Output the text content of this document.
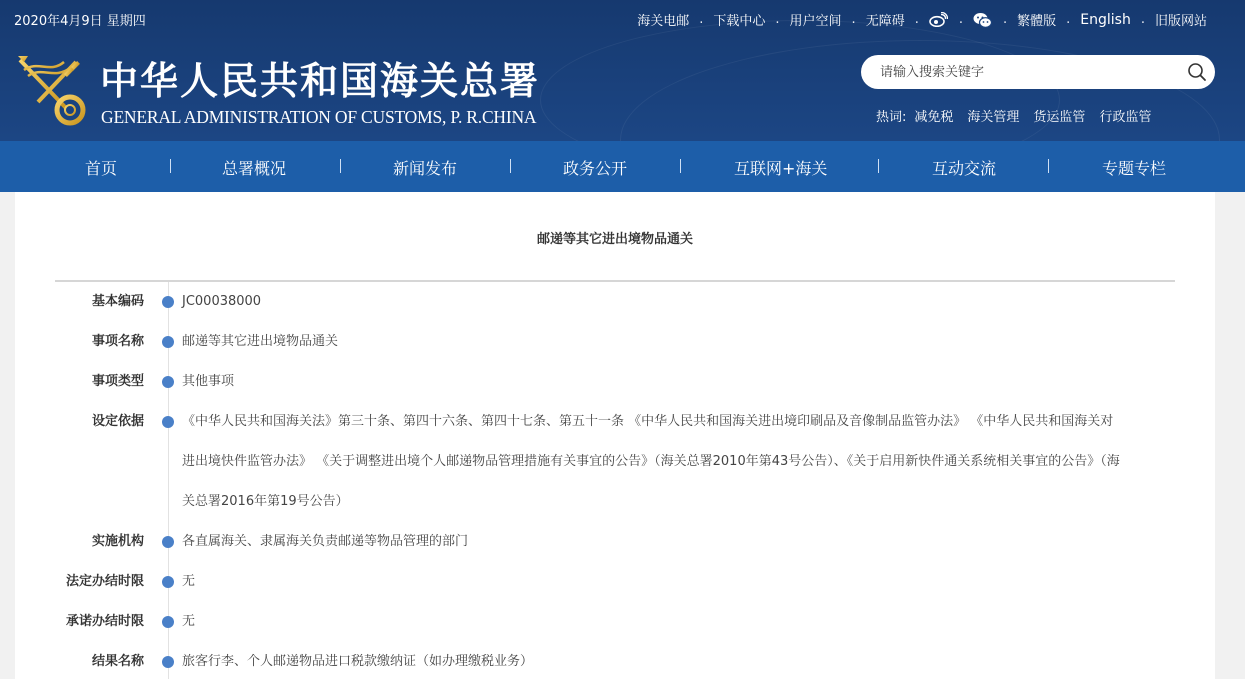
2020年4月9日 星期四	海关电邮 . 下载中心 . 用户空间 . 无障碍 .	.	. 繁體版 . English . 旧版网站
中华人民共和国海关总署
GENERAL ADMINISTRATION OF CUSTOMS, P. R.CHINA
请输入搜索关键字	热词: 减免税 海关管理 货运监管 行政监管
首页	总署概况	新闻发布	政务公开	互联网+海关	互动交流	专题专栏
邮递等其它进出境物品通关
基本编码	JC00038000
事项名称	邮递等其它进出境物品通关
事项类型	其他事项
设定依据	《中华人民共和国海关法》第三十条、第四十六条、第四十七条、第五十一条 《中华人民共和国海关进出境印刷品及音像制品监管办法》 《中华人民共和国海关对进出境快件监管办法》 《关于调整进出境个人邮递物品管理措施有关事宜的公告》（海关总署2010年第43号公告）、《关于启用新快件通关系统相关事宜的公告》（海关总署2016年第19号公告）
实施机构	各直属海关、隶属海关负责邮递等物品管理的部门
法定办结时限	无
承诺办结时限	无
结果名称	旅客行李、个人邮递物品进口税款缴纳证（如办理缴税业务）
